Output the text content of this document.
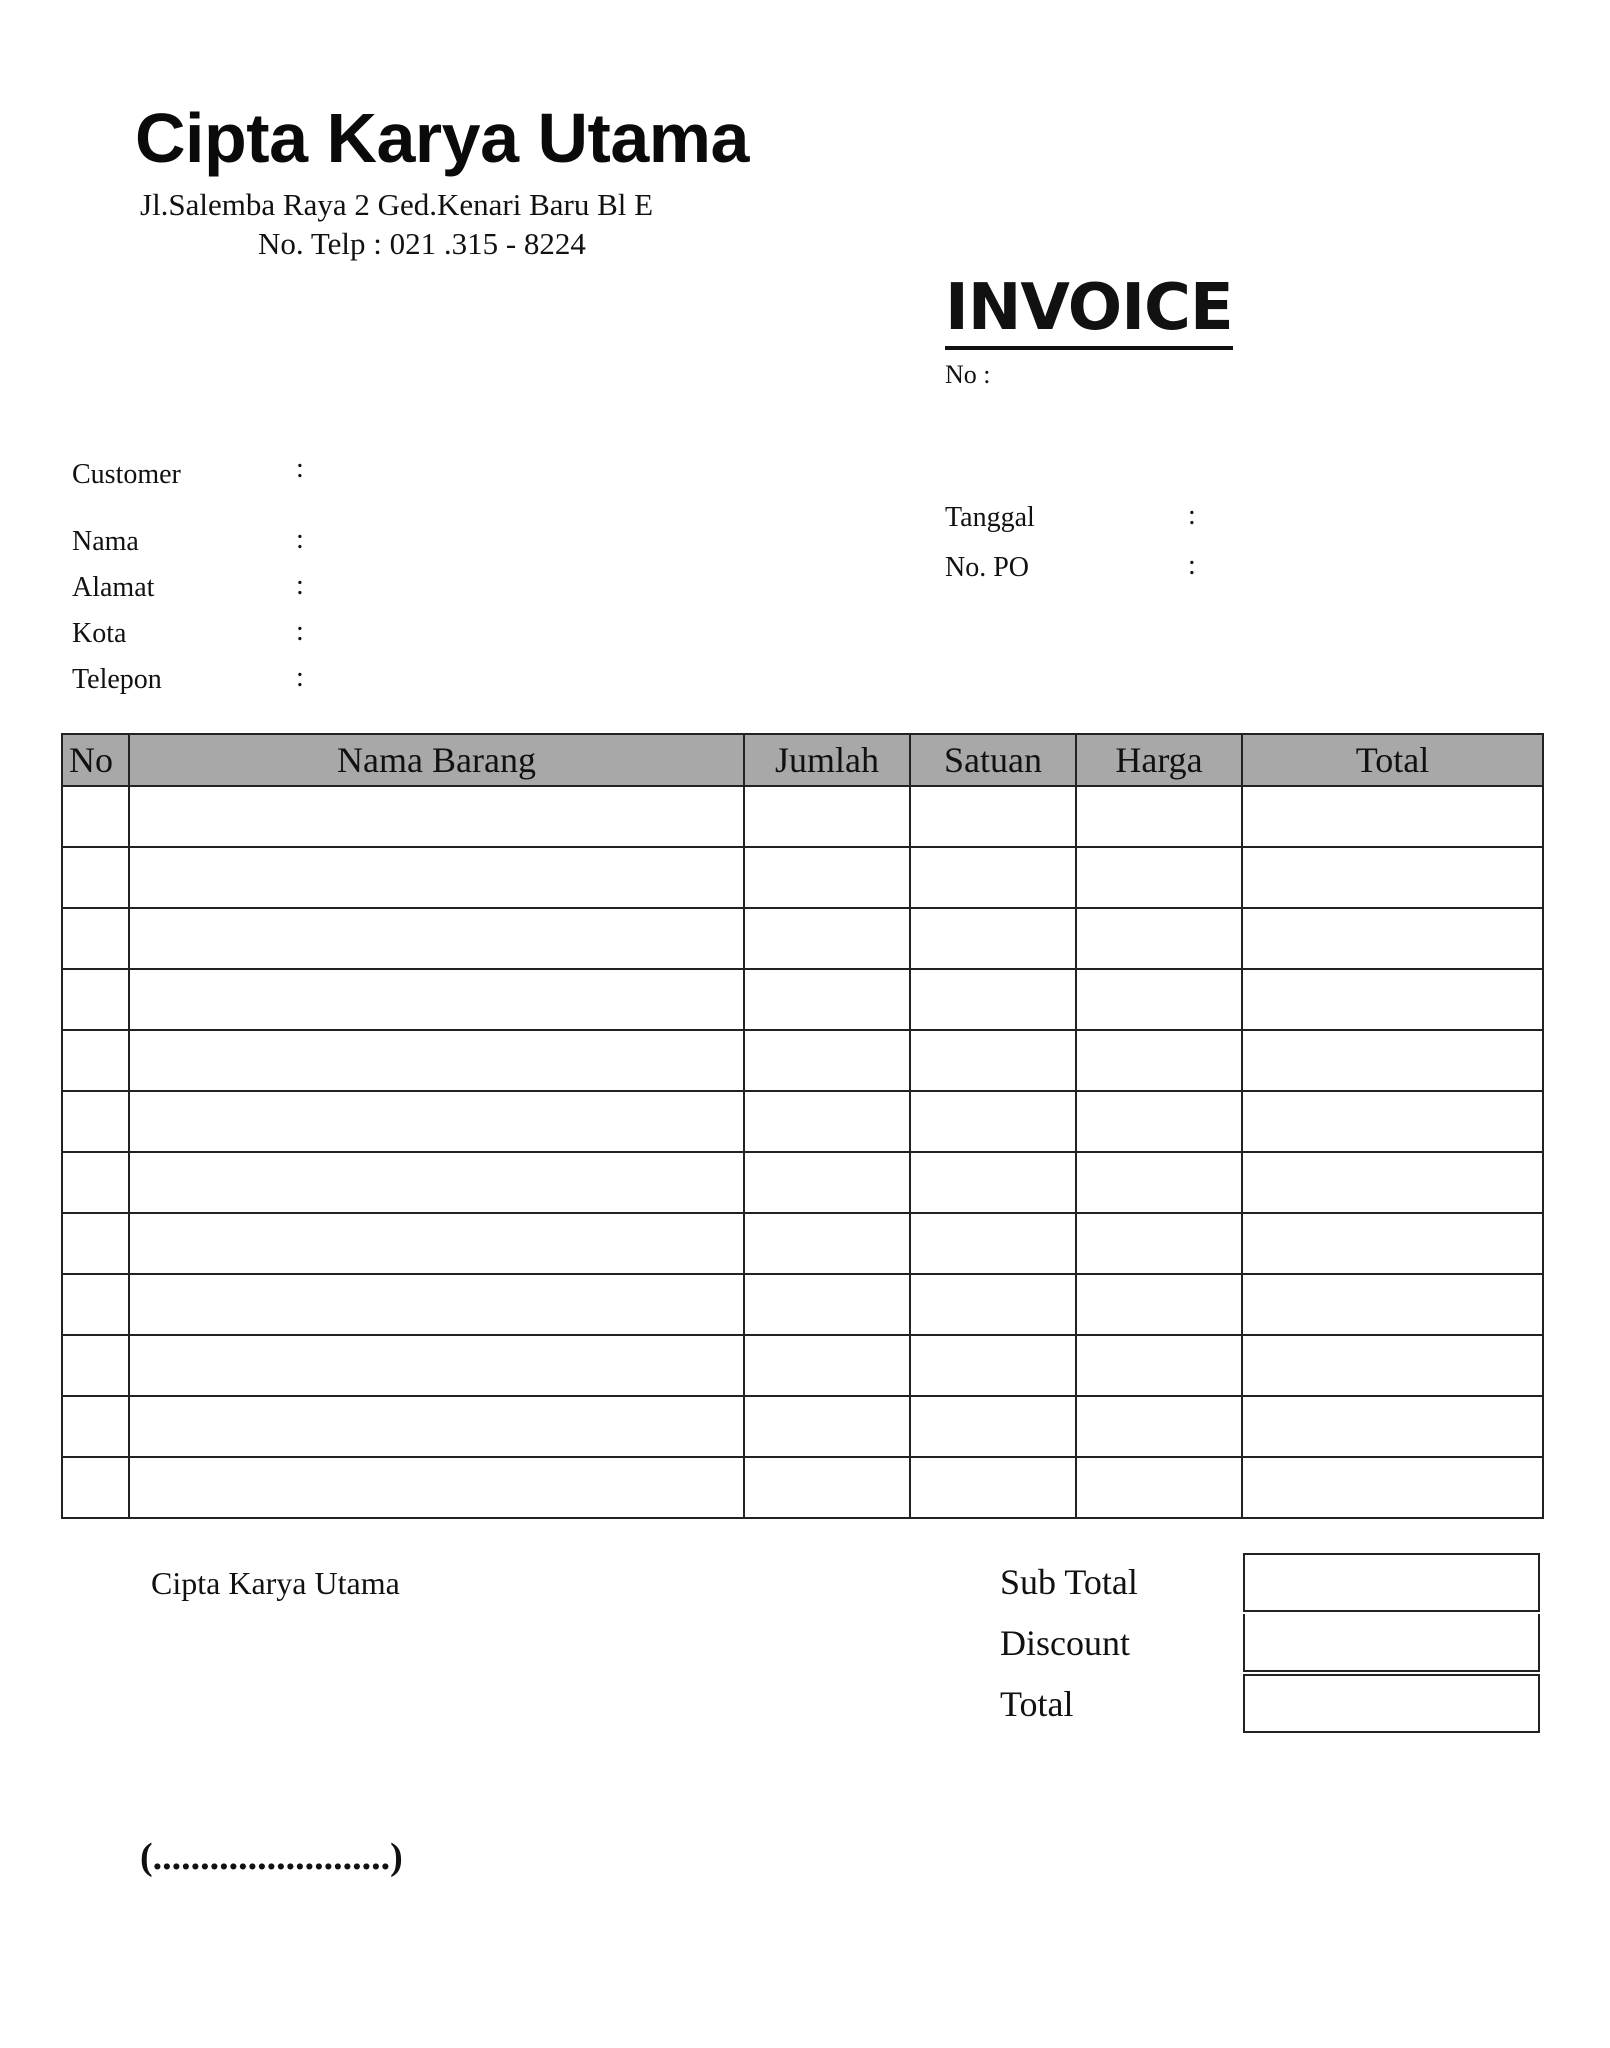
Cipta Karya Utama
Jl.Salemba Raya 2 Ged.Kenari Baru Bl E
No. Telp : 021 .315 - 8224
INVOICE
No :
Customer	:
Nama	:
Alamat	:
Kota	:
Telepon	:
Tanggal	:
No. PO	:
No	Nama Barang	Jumlah	Satuan	Harga	Total

Cipta Karya Utama
(.........................)
Sub Total
Discount
Total
